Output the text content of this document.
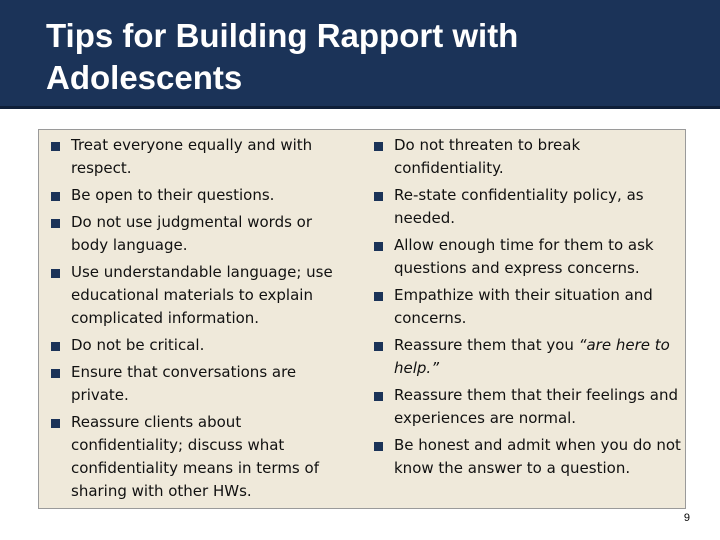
Tips for Building Rapport with Adolescents
Treat everyone equally and with respect.
Be open to their questions.
Do not use judgmental words or body language.
Use understandable language; use educational materials to explain complicated information.
Do not be critical.
Ensure that conversations are private.
Reassure clients about confidentiality; discuss what confidentiality means in terms of sharing with other HWs.
Do not threaten to break confidentiality.
Re-state confidentiality policy, as needed.
Allow enough time for them to ask questions and express concerns.
Empathize with their situation and concerns.
Reassure them that you “are here to help.”
Reassure them that their feelings and experiences are normal.
Be honest and admit when you do not know the answer to a question.
9
